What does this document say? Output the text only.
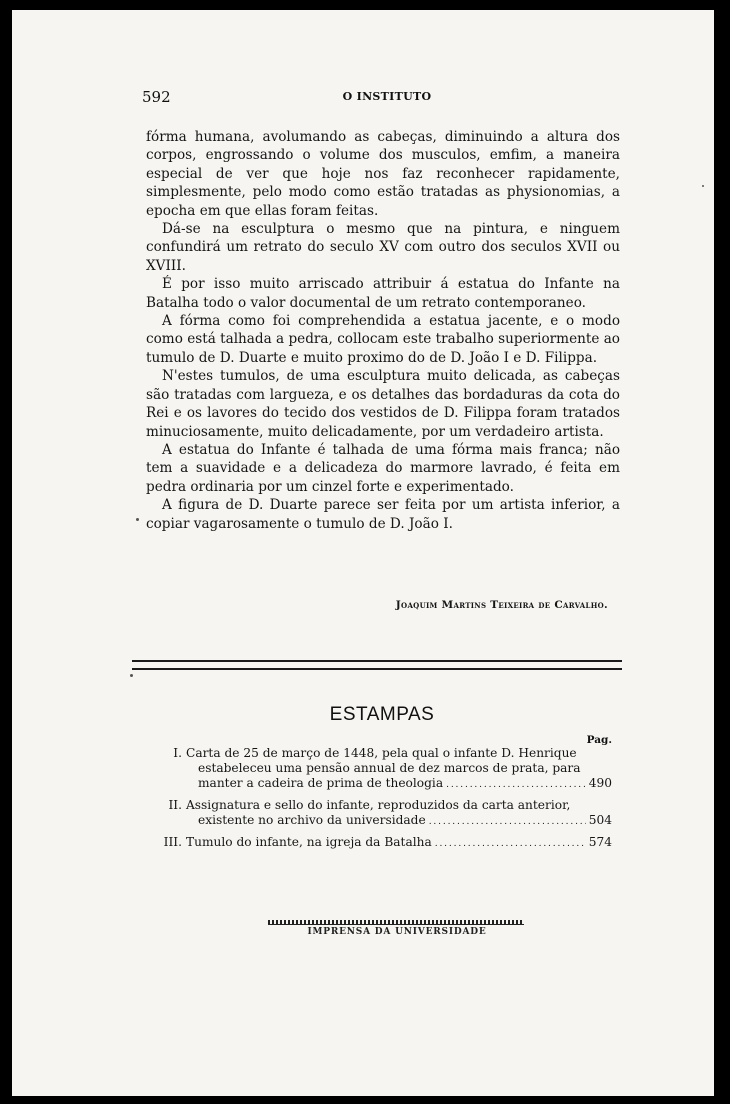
592	O INSTITUTO

fórma humana, avolumando as cabeças, diminuindo a altura dos corpos, engrossando o volume dos musculos, emfim, a maneira especial de ver que hoje nos faz reconhecer rapidamente, simplesmente, pelo modo como estão tratadas as physionomias, a epocha em que ellas foram feitas.

Dá-se na esculptura o mesmo que na pintura, e ninguem confundirá um retrato do seculo XV com outro dos seculos XVII ou XVIII.

É por isso muito arriscado attribuir á estatua do Infante na Batalha todo o valor documental de um retrato contemporaneo.

A fórma como foi comprehendida a estatua jacente, e o modo como está talhada a pedra, collocam este trabalho superiormente ao tumulo de D. Duarte e muito proximo do de D. João I e D. Filippa.

N'estes tumulos, de uma esculptura muito delicada, as cabeças são tratadas com largueza, e os detalhes das bordaduras da cota do Rei e os lavores do tecido dos vestidos de D. Filippa foram tratados minuciosamente, muito delicadamente, por um verdadeiro artista.

A estatua do Infante é talhada de uma fórma mais franca; não tem a suavidade e a delicadeza do marmore lavrado, é feita em pedra ordinaria por um cinzel forte e experimentado.

A figura de D. Duarte parece ser feita por um artista inferior, a copiar vagarosamente o tumulo de D. João I.

Joaquim Martins Teixeira de Carvalho.
ESTAMPAS
Pag.
I. Carta de 25 de março de 1448, pela qual o infante D. Henrique
estabeleceu uma pensão annual de dez marcos de prata, para
manter a cadeira de prima de theologia . . .	490
II. Assignatura e sello do infante, reproduzidos da carta anterior,
existente no archivo da universidade . . .	504
III. Tumulo do infante, na igreja da Batalha . . .	574
IMPRENSA DA UNIVERSIDADE
